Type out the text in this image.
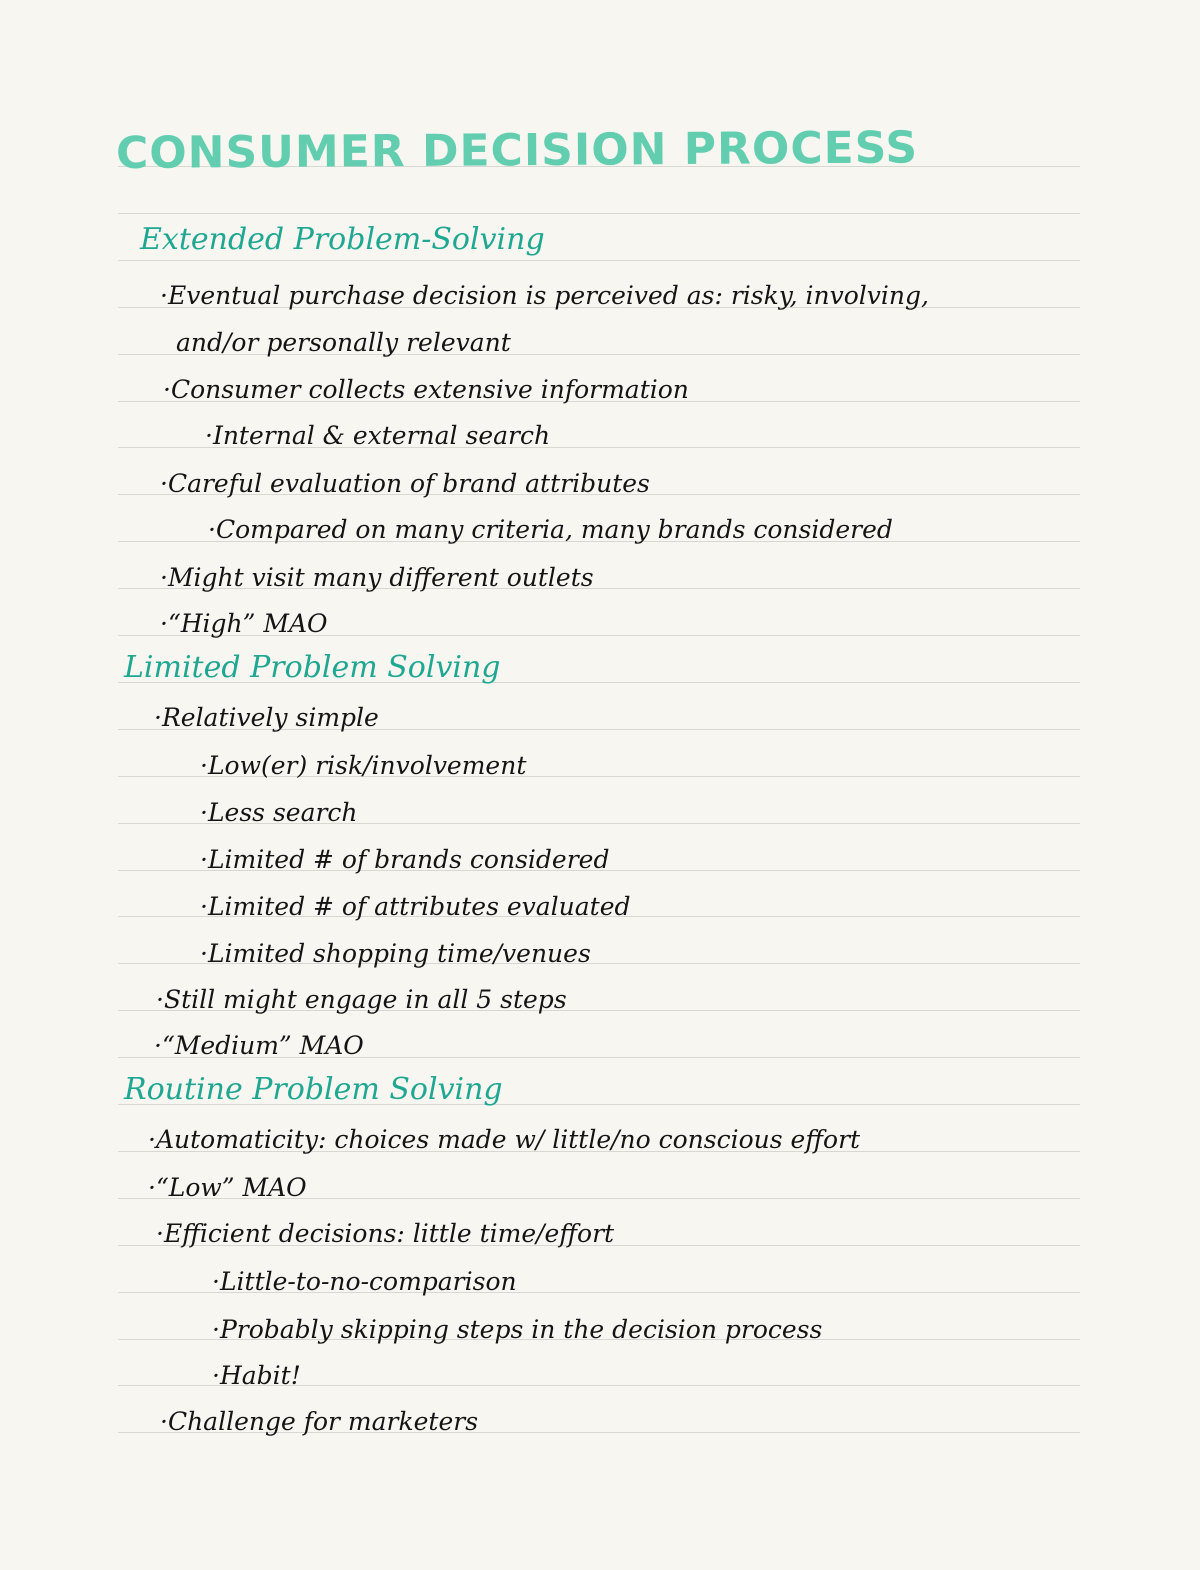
CONSUMER DECISION PROCESS
Extended Problem-Solving
·Eventual purchase decision is perceived as: risky, involving,
and/or personally relevant
·Consumer collects extensive information
·Internal & external search
·Careful evaluation of brand attributes
·Compared on many criteria, many brands considered
·Might visit many different outlets
·“High” MAO
Limited Problem Solving
·Relatively simple
·Low(er) risk/involvement
·Less search
·Limited # of brands considered
·Limited # of attributes evaluated
·Limited shopping time/venues
·Still might engage in all 5 steps
·“Medium” MAO
Routine Problem Solving
·Automaticity: choices made w/ little/no conscious effort
·“Low” MAO
·Efficient decisions: little time/effort
·Little-to-no-comparison
·Probably skipping steps in the decision process
·Habit!
·Challenge for marketers
